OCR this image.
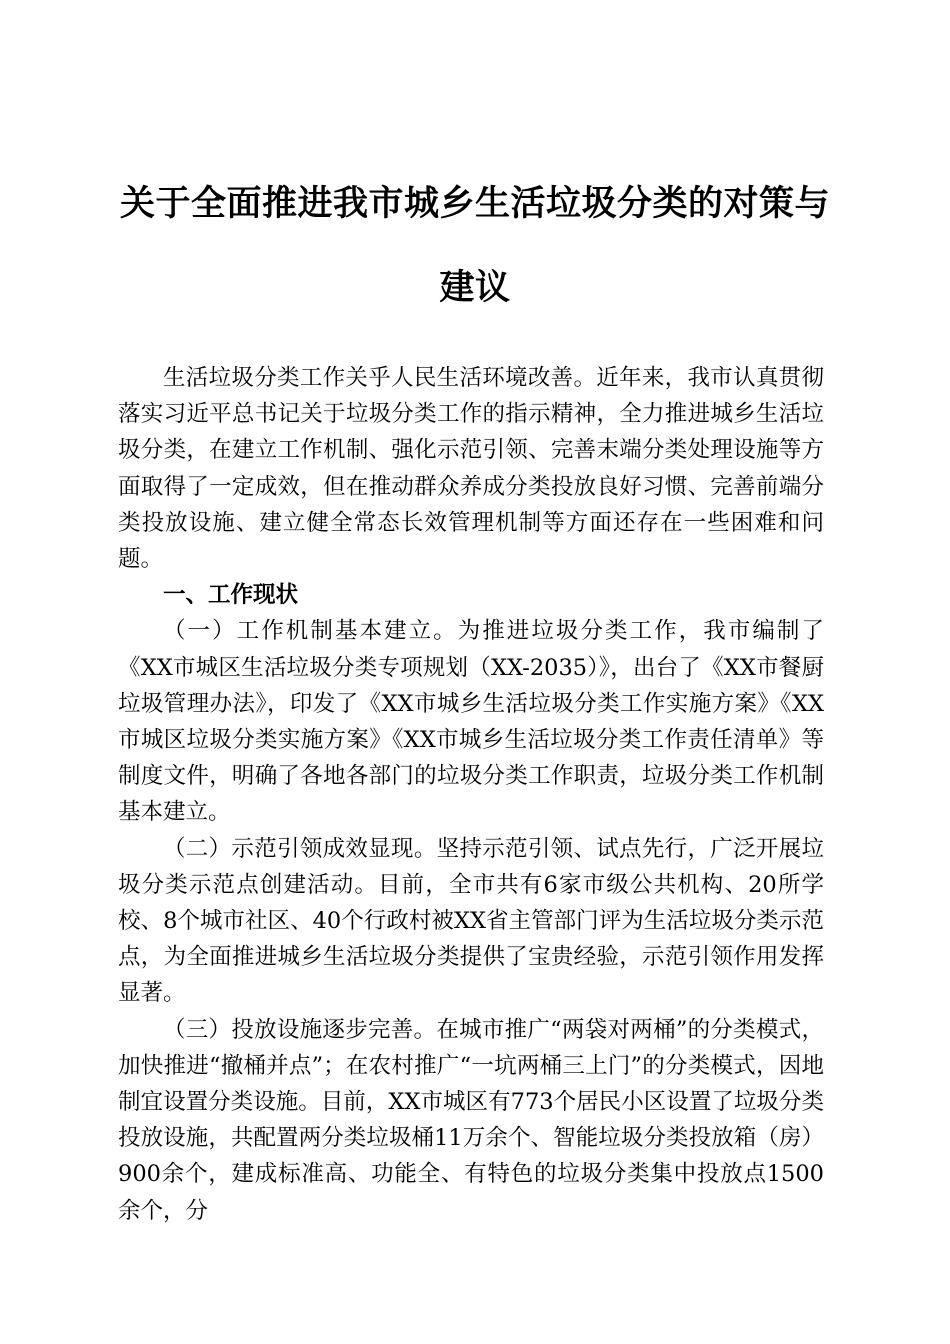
关于全面推进我市城乡生活垃圾分类的对策与
建议

生活垃圾分类工作关乎人民生活环境改善。近年来，我市认真贯彻落实习近平总书记关于垃圾分类工作的指示精神，全力推进城乡生活垃圾分类，在建立工作机制、强化示范引领、完善末端分类处理设施等方面取得了一定成效，但在推动群众养成分类投放良好习惯、完善前端分类投放设施、建立健全常态长效管理机制等方面还存在一些困难和问题。

一、工作现状

（一）工作机制基本建立。为推进垃圾分类工作，我市编制了《XX市城区生活垃圾分类专项规划（XX-2035）》，出台了《XX市餐厨垃圾管理办法》，印发了《XX市城乡生活垃圾分类工作实施方案》《XX市城区垃圾分类实施方案》《XX市城乡生活垃圾分类工作责任清单》等制度文件，明确了各地各部门的垃圾分类工作职责，垃圾分类工作机制基本建立。

（二）示范引领成效显现。坚持示范引领、试点先行，广泛开展垃圾分类示范点创建活动。目前，全市共有6家市级公共机构、20所学校、8个城市社区、40个行政村被XX省主管部门评为生活垃圾分类示范点，为全面推进城乡生活垃圾分类提供了宝贵经验，示范引领作用发挥显著。

（三）投放设施逐步完善。在城市推广“两袋对两桶”的分类模式，加快推进“撤桶并点”；在农村推广“一坑两桶三上门”的分类模式，因地制宜设置分类设施。目前，XX市城区有773个居民小区设置了垃圾分类投放设施，共配置两分类垃圾桶11万余个、智能垃圾分类投放箱（房）900余个，建成标准高、功能全、有特色的垃圾分类集中投放点1500余个，分
